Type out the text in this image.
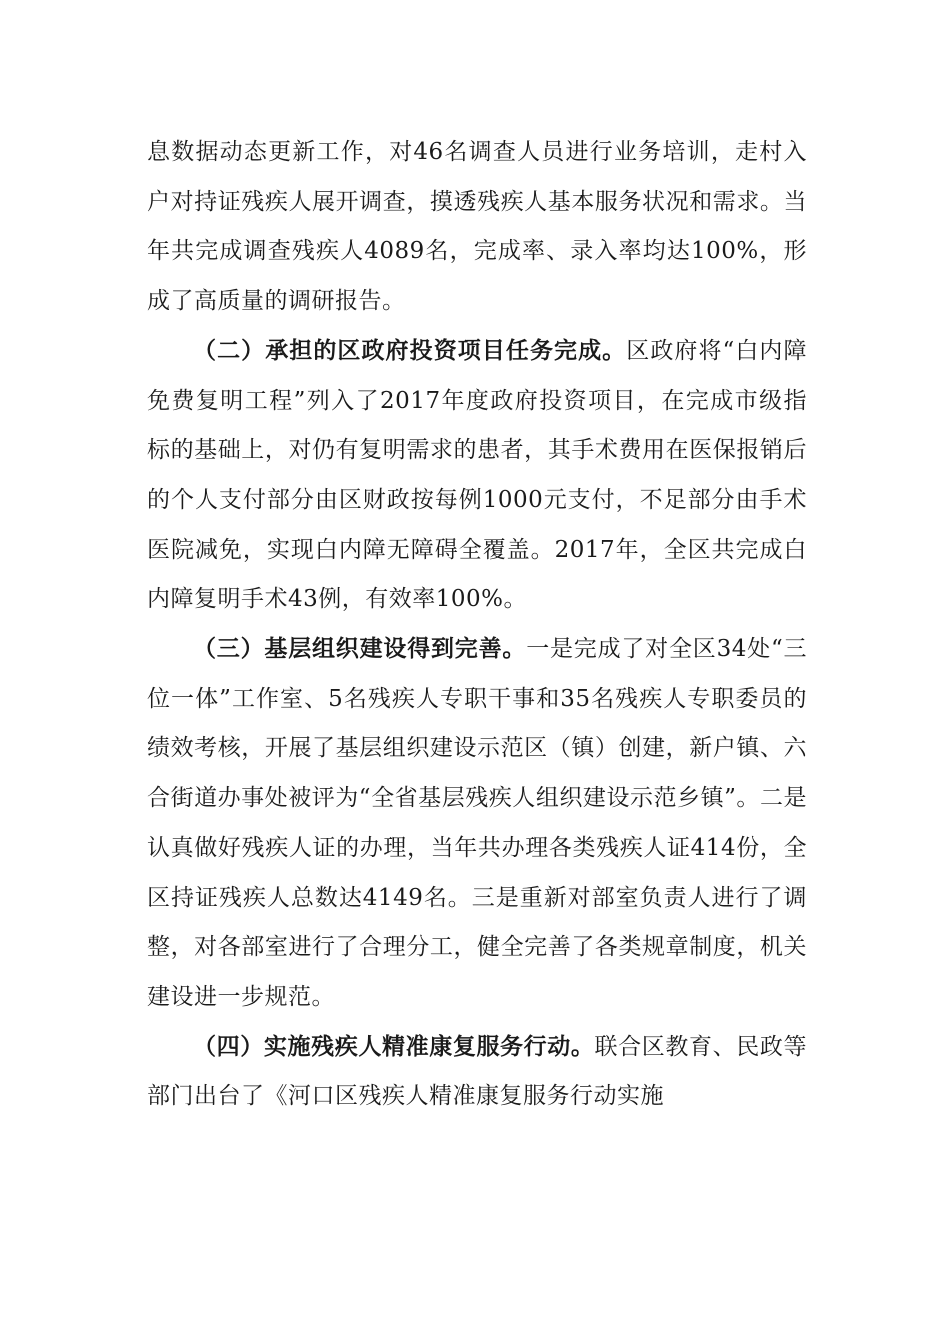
息数据动态更新工作，对46名调查人员进行业务培训，走村入户对持证残疾人展开调查，摸透残疾人基本服务状况和需求。当年共完成调查残疾人4089名，完成率、录入率均达100%，形成了高质量的调研报告。

（二）承担的区政府投资项目任务完成。区政府将“白内障免费复明工程”列入了2017年度政府投资项目，在完成市级指标的基础上，对仍有复明需求的患者，其手术费用在医保报销后的个人支付部分由区财政按每例1000元支付，不足部分由手术医院减免，实现白内障无障碍全覆盖。2017年，全区共完成白内障复明手术43例，有效率100%。

（三）基层组织建设得到完善。一是完成了对全区34处“三位一体”工作室、5名残疾人专职干事和35名残疾人专职委员的绩效考核，开展了基层组织建设示范区（镇）创建，新户镇、六合街道办事处被评为“全省基层残疾人组织建设示范乡镇”。二是认真做好残疾人证的办理，当年共办理各类残疾人证414份，全区持证残疾人总数达4149名。三是重新对部室负责人进行了调整，对各部室进行了合理分工，健全完善了各类规章制度，机关建设进一步规范。

（四）实施残疾人精准康复服务行动。联合区教育、民政等部门出台了《河口区残疾人精准康复服务行动实施
